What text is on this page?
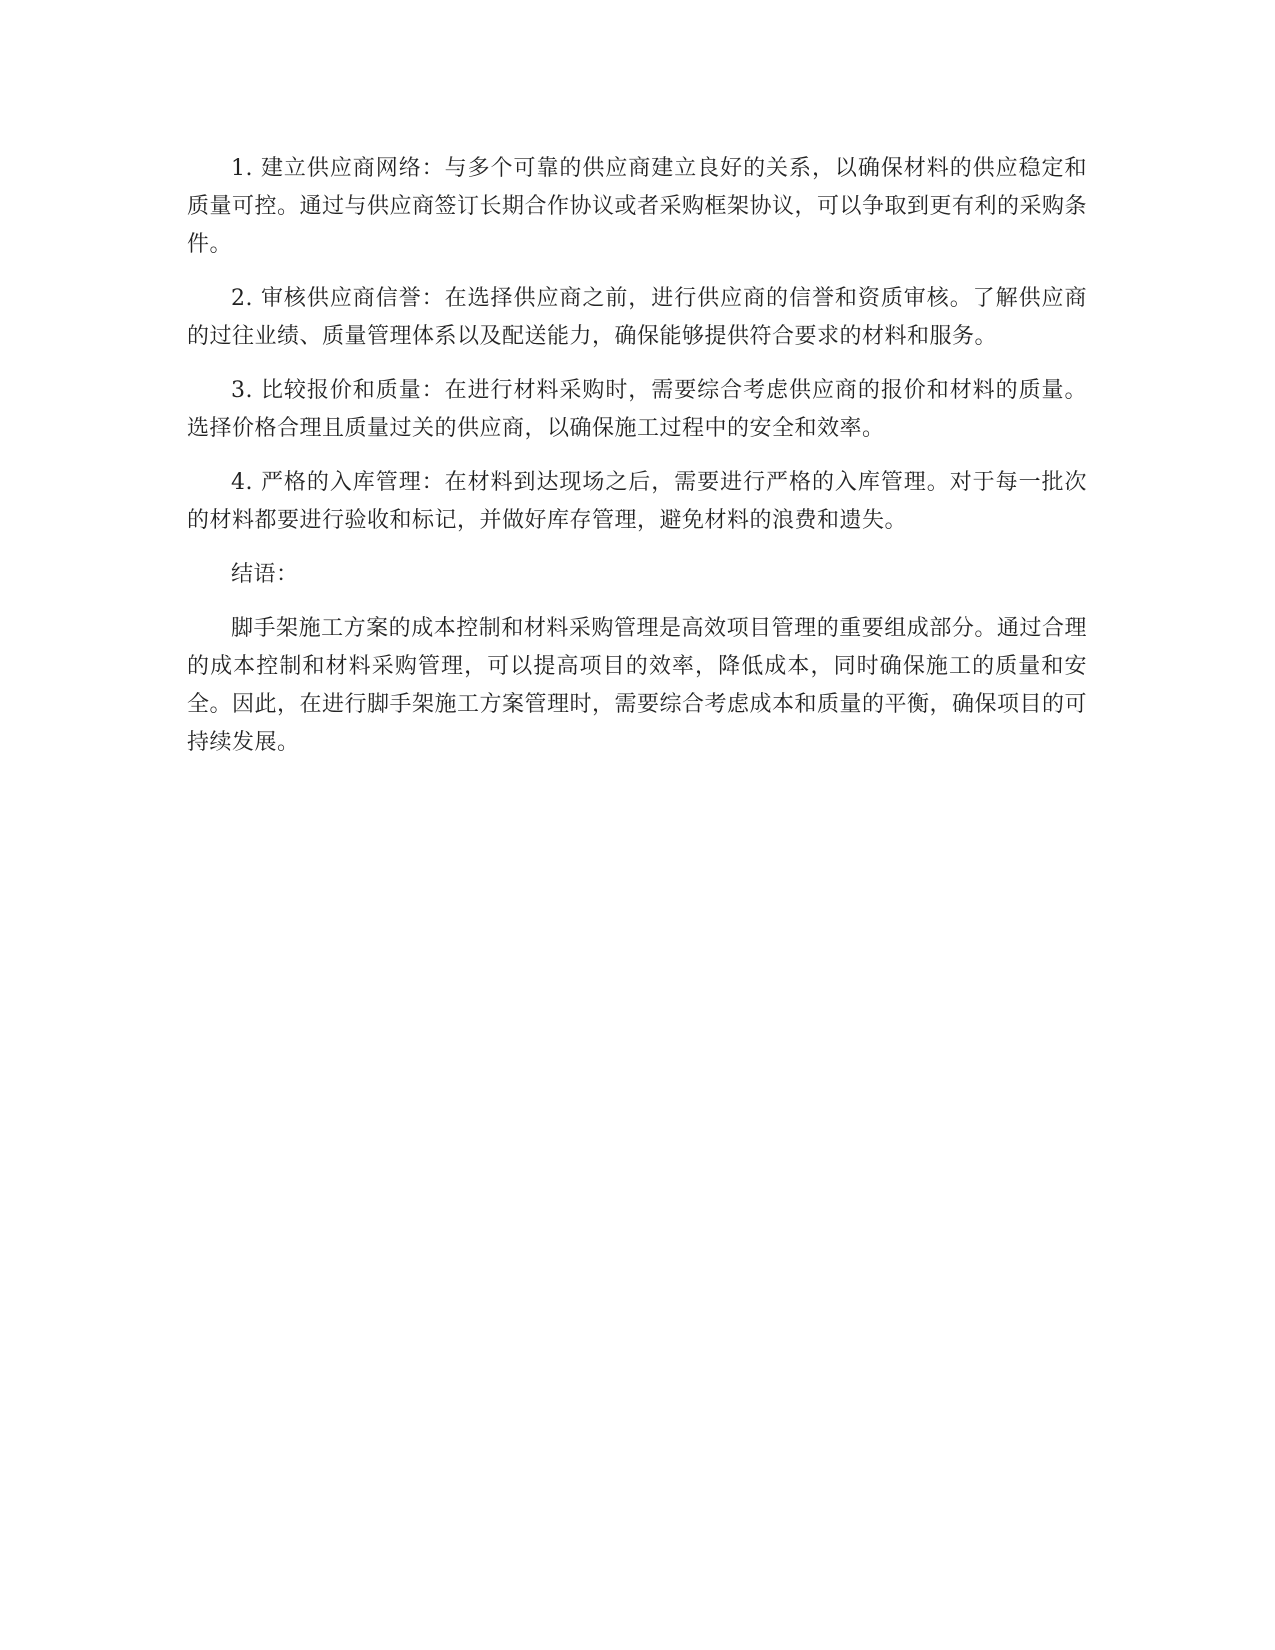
1. 建立供应商网络：与多个可靠的供应商建立良好的关系，以确保材料的供应稳定和质量可控。通过与供应商签订长期合作协议或者采购框架协议，可以争取到更有利的采购条件。

2. 审核供应商信誉：在选择供应商之前，进行供应商的信誉和资质审核。了解供应商的过往业绩、质量管理体系以及配送能力，确保能够提供符合要求的材料和服务。

3. 比较报价和质量：在进行材料采购时，需要综合考虑供应商的报价和材料的质量。选择价格合理且质量过关的供应商，以确保施工过程中的安全和效率。

4. 严格的入库管理：在材料到达现场之后，需要进行严格的入库管理。对于每一批次的材料都要进行验收和标记，并做好库存管理，避免材料的浪费和遗失。

结语：

脚手架施工方案的成本控制和材料采购管理是高效项目管理的重要组成部分。通过合理的成本控制和材料采购管理，可以提高项目的效率，降低成本，同时确保施工的质量和安全。因此，在进行脚手架施工方案管理时，需要综合考虑成本和质量的平衡，确保项目的可持续发展。
